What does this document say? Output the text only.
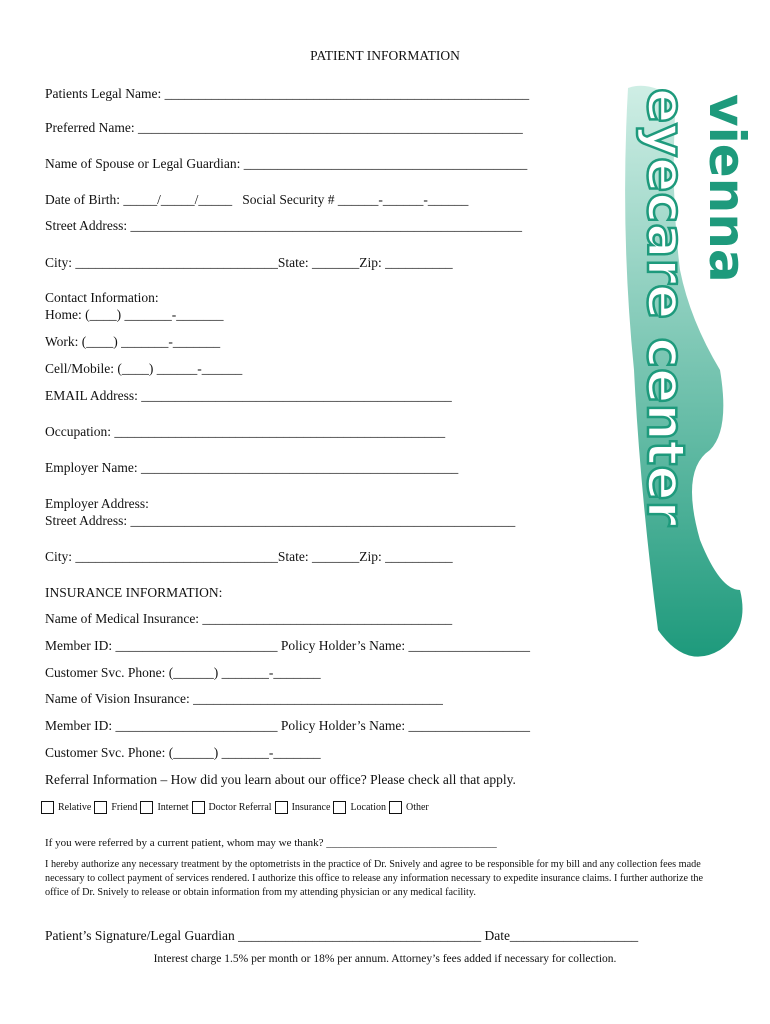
PATIENT INFORMATION
Patients Legal Name: ______________________________________________________
Preferred Name: _________________________________________________________
Name of Spouse or Legal Guardian: __________________________________________
Date of Birth: _____/_____/_____   Social Security # ______-______-______
Street Address: __________________________________________________________
City: ______________________________State: _______Zip: __________
Contact Information:
Home: (____) _______-_______
Work: (____) _______-_______
Cell/Mobile: (____) ______-______
EMAIL Address: ______________________________________________
Occupation: _________________________________________________
Employer Name: _______________________________________________
Employer Address:
Street Address: _________________________________________________________
City: ______________________________State: _______Zip: __________
INSURANCE INFORMATION:
Name of Medical Insurance: _____________________________________
Member ID: ________________________ Policy Holder’s Name: __________________
Customer Svc. Phone: (______) _______-_______
Name of Vision Insurance: _____________________________________
Member ID: ________________________ Policy Holder’s Name: __________________
Customer Svc. Phone: (______) _______-_______
Referral Information – How did you learn about our office? Please check all that apply.
Relative Friend Internet Doctor Referral Insurance Location Other
If you were referred by a current patient, whom may we thank? _______________________________
I hereby authorize any necessary treatment by the optometrists in the practice of Dr. Snively and agree to be responsible for my bill and any collection fees made necessary to collect payment of services rendered. I authorize this office to release any information necessary to expedite insurance claims. I further authorize the office of Dr. Snively to release or obtain information from my attending physician or any medical facility.
Patient’s Signature/Legal Guardian ____________________________________ Date___________________
Interest charge 1.5% per month or 18% per annum. Attorney’s fees added if necessary for collection.
vienna
eyecare center
